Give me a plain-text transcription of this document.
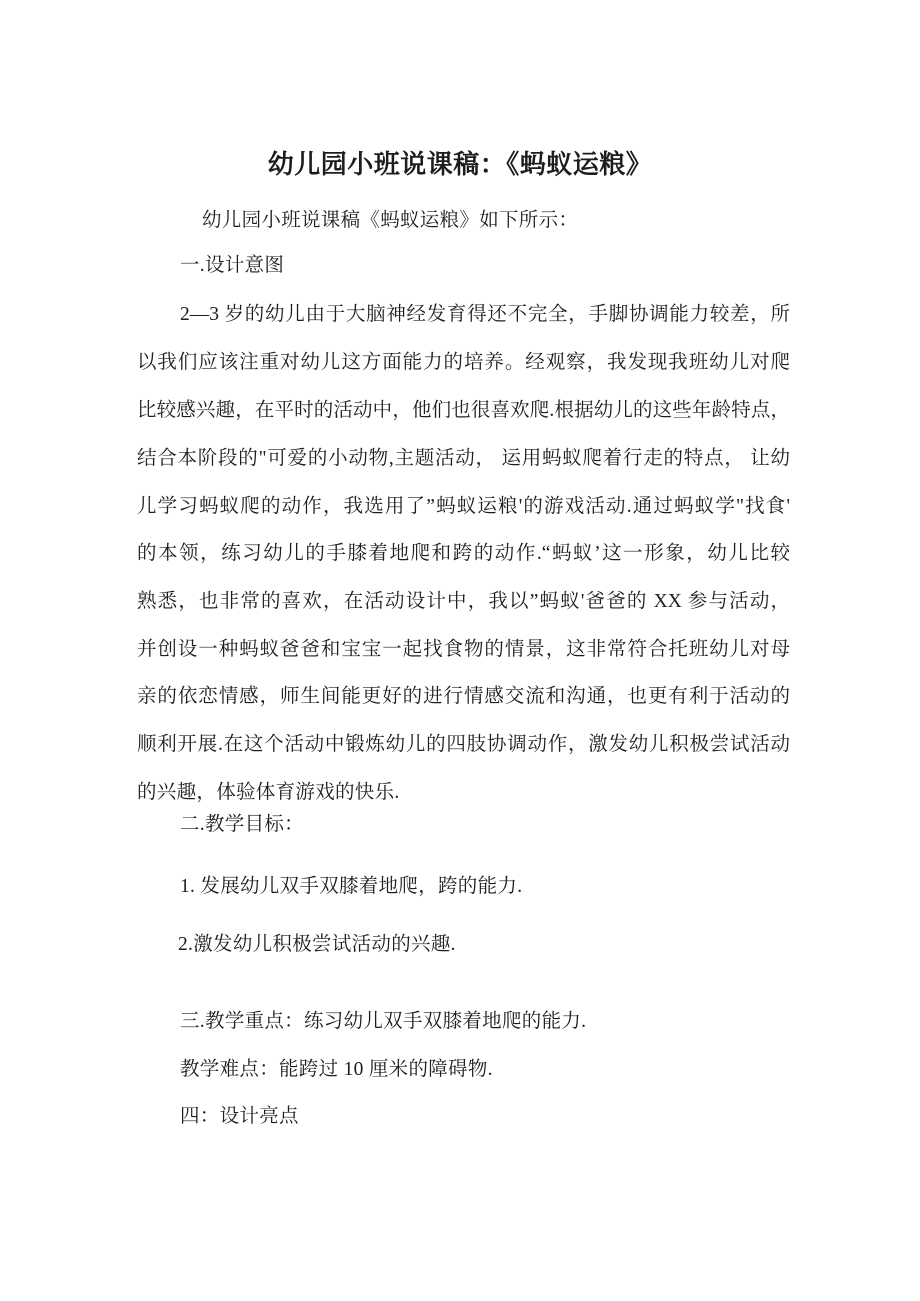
幼儿园小班说课稿：《蚂蚁运粮》
幼儿园小班说课稿《蚂蚁运粮》如下所示：
一.设计意图
2—3 岁的幼儿由于大脑神经发育得还不完全，手脚协调能力较差，所
以我们应该注重对幼儿这方面能力的培养。经观察，我发现我班幼儿对爬
比较感兴趣，在平时的活动中，他们也很喜欢爬.根据幼儿的这些年龄特点，
结合本阶段的"可爱的小动物,主题活动， 运用蚂蚁爬着行走的特点， 让幼
儿学习蚂蚁爬的动作，我选用了”蚂蚁运粮'的游戏活动.通过蚂蚁学"找食'
的本领，练习幼儿的手膝着地爬和跨的动作.“蚂蚁’这一形象，幼儿比较
熟悉，也非常的喜欢，在活动设计中，我以”蚂蚁'爸爸的 XX 参与活动，
并创设一种蚂蚁爸爸和宝宝一起找食物的情景，这非常符合托班幼儿对母
亲的依恋情感，师生间能更好的进行情感交流和沟通，也更有利于活动的
顺利开展.在这个活动中锻炼幼儿的四肢协调动作，激发幼儿积极尝试活动
的兴趣，体验体育游戏的快乐.
二.教学目标：
1. 发展幼儿双手双膝着地爬，跨的能力.
2.激发幼儿积极尝试活动的兴趣.
三.教学重点：练习幼儿双手双膝着地爬的能力.
教学难点：能跨过 10 厘米的障碍物.
四：设计亮点
